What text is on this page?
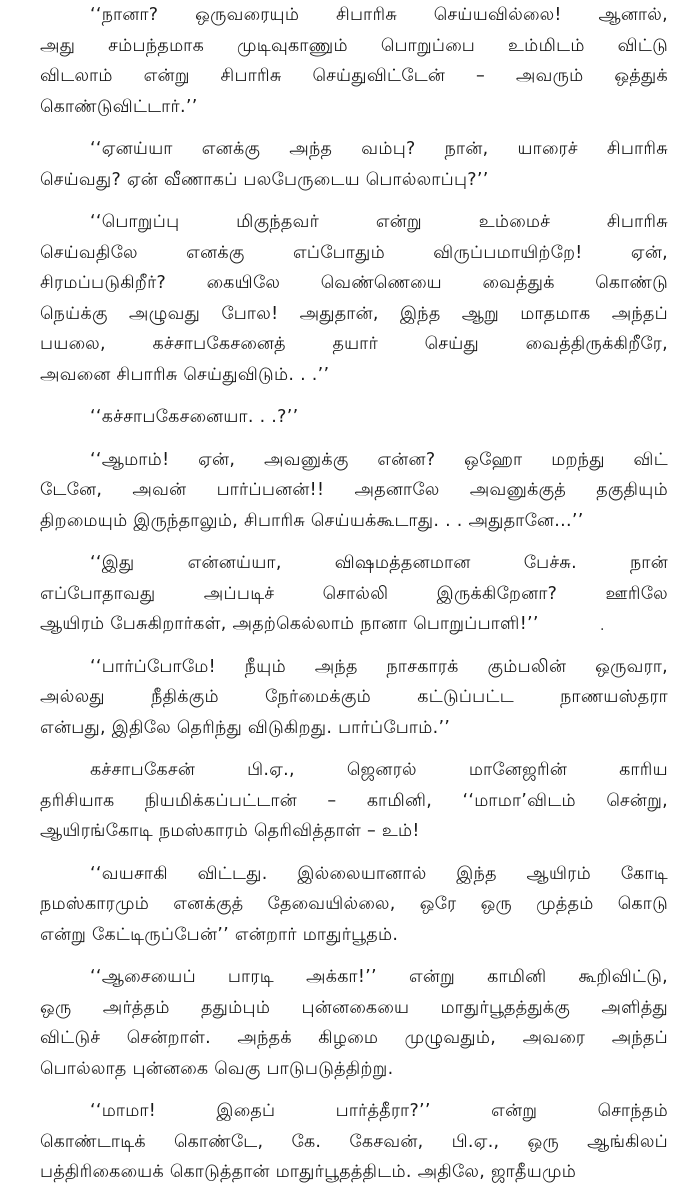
‘‘நானா? ஒருவரையும் சிபாரிசு செய்யவில்லை! ஆனால்,
அது சம்பந்தமாக முடிவுகாணும் பொறுப்பை உம்மிடம் விட்டு
விடலாம் என்று சிபாரிசு செய்துவிட்டேன் – அவரும் ஒத்துக்
கொண்டுவிட்டார்.’’
‘‘ஏனய்யா எனக்கு அந்த வம்பு? நான், யாரைச் சிபாரிசு
செய்வது? ஏன் வீணாகப் பலபேருடைய பொல்லாப்பு?’’
‘‘பொறுப்பு மிகுந்தவர் என்று உம்மைச் சிபாரிசு
செய்வதிலே எனக்கு எப்போதும் விருப்பமாயிற்றே! ஏன்,
சிரமப்படுகிறீர்? கையிலே வெண்ணெயை வைத்துக் கொண்டு
நெய்க்கு அழுவது போல! அதுதான், இந்த ஆறு மாதமாக அந்தப்
பயலை, கச்சாபகேசனைத் தயார் செய்து வைத்திருக்கிறீரே,
அவனை சிபாரிசு செய்துவிடும். . .’’
‘‘கச்சாபகேசனையா. . .?’’
‘‘ஆமாம்! ஏன், அவனுக்கு என்ன? ஒஹோ மறந்து விட்
டேனே, அவன் பார்ப்பனன்!! அதனாலே அவனுக்குத் தகுதியும்
திறமையும் இருந்தாலும், சிபாரிசு செய்யக்கூடாது. . . அதுதானே...’’
‘‘இது என்னய்யா, விஷமத்தனமான பேச்சு. நான்
எப்போதாவது அப்படிச் சொல்லி இருக்கிறேனா? ஊரிலே
ஆயிரம் பேசுகிறார்கள், அதற்கெல்லாம் நானா பொறுப்பாளி!’’
‘‘பார்ப்போமே! நீயும் அந்த நாசகாரக் கும்பலின் ஒருவரா,
அல்லது நீதிக்கும் நேர்மைக்கும் கட்டுப்பட்ட நாணயஸ்தரா
என்பது, இதிலே தெரிந்து விடுகிறது. பார்ப்போம்.’’
கச்சாபகேசன் பி.ஏ., ஜெனரல் மானேஜரின் காரிய
தரிசியாக நியமிக்கப்பட்டான் – காமினி, ‘‘மாமா’விடம் சென்று,
ஆயிரங்கோடி நமஸ்காரம் தெரிவித்தாள் – உம்!
‘‘வயசாகி விட்டது. இல்லையானால் இந்த ஆயிரம் கோடி
நமஸ்காரமும் எனக்குத் தேவையில்லை, ஒரே ஒரு முத்தம் கொடு
என்று கேட்டிருப்பேன்’’ என்றார் மாதுர்பூதம்.
‘‘ஆசையைப் பாரடி அக்கா!’’ என்று காமினி கூறிவிட்டு,
ஒரு அர்த்தம் ததும்பும் புன்னகையை மாதுர்பூதத்துக்கு அளித்து
விட்டுச் சென்றாள். அந்தக் கிழமை முழுவதும், அவரை அந்தப்
பொல்லாத புன்னகை வெகு பாடுபடுத்திற்று.
‘‘மாமா! இதைப் பார்த்தீரா?’’ என்று சொந்தம்
கொண்டாடிக் கொண்டே, கே. கேசவன், பி.ஏ., ஒரு ஆங்கிலப்
பத்திரிகையைக் கொடுத்தான் மாதுர்பூதத்திடம். அதிலே, ஜாதீயமும்
·
